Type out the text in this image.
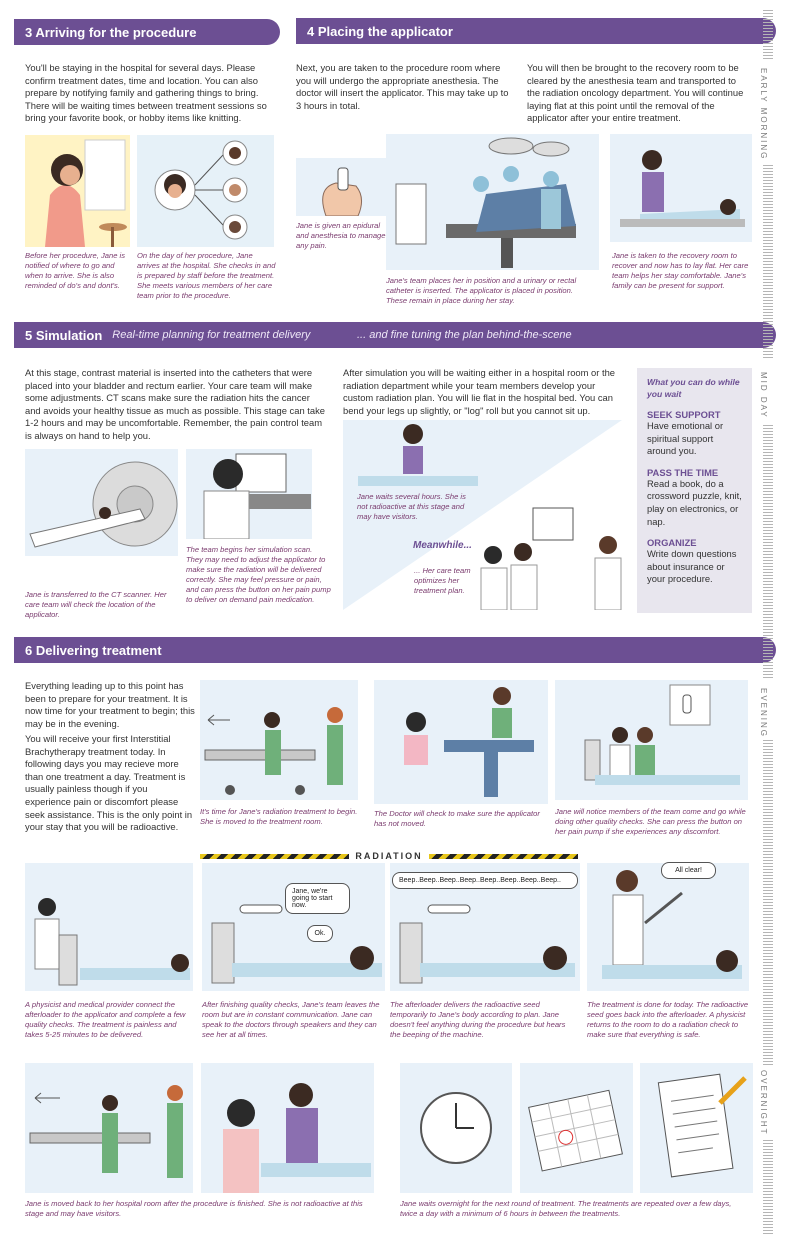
3 Arriving for the procedure	4 Placing the applicator
You'll be staying in the hospital for several days. Please confirm treatment dates, time and location. You can also prepare by notifying family and gathering things to bring. There will be waiting times between treatment sessions so bring your favorite book, or hobby items like knitting.
Next, you are taken to the procedure room where you will undergo the appropriate anesthesia. The doctor will insert the applicator. This may take up to 3 hours in total.
You will then be brought to the recovery room to be cleared by the anesthesia team and transported to the radiation oncology department. You will continue laying flat at this point until the removal of the applicator after your entire treatment.
Before her procedure, Jane is notified of where to go and when to arrive. She is also reminded of do's and dont's.
On the day of her procedure, Jane arrives at the hospital. She checks in and is prepared by staff before the treatment. She meets various members of her care team prior to the procedure.
Jane is given an epidural and anesthesia to manage any pain.
Jane's team places her in position and a urinary or rectal catheter is inserted. The applicator is placed in position. These remain in place during her stay.
Jane is taken to the recovery room to recover and now has to lay flat. Her care team helps her stay comfortable. Jane's family can be present for support.
5 Simulation Real-time planning for treatment delivery	... and fine tuning the plan behind-the-scene
At this stage, contrast material is inserted into the catheters that were placed into your bladder and rectum earlier. Your care team will make some adjustments. CT scans make sure the radiation hits the cancer and avoids your healthy tissue as much as possible. This stage can take 1-2 hours and may be uncomfortable. Remember, the pain control team is always on hand to help you.
After simulation you will be waiting either in a hospital room or the radiation department while your team members develop your custom radiation plan. You will lie flat in the hospital bed. You can bend your legs up slightly, or "log" roll but you cannot sit up.
Jane is transferred to the CT scanner. Her care team will check the location of the applicator.
The team begins her simulation scan. They may need to adjust the applicator to make sure the radiation will be delivered correctly. She may feel pressure or pain, and can press the button on her pain pump to deliver on demand pain medication.
Jane waits several hours. She is not radioactive at this stage and may have visitors.
Meanwhile...
... Her care team optimizes her treatment plan.
What you can do while you wait
SEEK SUPPORT
Have emotional or spiritual support around you.
PASS THE TIME
Read a book, do a crossword puzzle, knit, play on electronics, or nap.
ORGANIZE
Write down questions about insurance or your procedure.
6 Delivering treatment
Everything leading up to this point has been to prepare for your treatment. It is now time for your treatment to begin; this may be in the evening.
You will receive your first Interstitial Brachytherapy treatment today. In following days you may recieve more than one treatment a day. Treatment is usually painless though if you experience pain or discomfort please seek assistance. This is the only point in your stay that you will be radioactive.
It's time for Jane's radiation treatment to begin. She is moved to the treatment room.
The Doctor will check to make sure the applicator has not moved.
Jane will notice members of the team come and go while doing other quality checks. She can press the button on her pain pump if she experiences any discomfort.
RADIATION
A physicist and medical provider connect the afterloader to the applicator and complete a few quality checks. The treatment is painless and takes 5-25 minutes to be delivered.
Jane, we're going to start now.
Ok.
After finishing quality checks, Jane's team leaves the room but are in constant communication. Jane can speak to the doctors through speakers and they can see her at all times.
Beep..Beep..Beep..Beep..Beep..Beep..Beep..Beep..
The afterloader delivers the radioactive seed temporarily to Jane's body according to plan. Jane doesn't feel anything during the procedure but hears the beeping of the machine.
All clear!
The treatment is done for today. The radioactive seed goes back into the afterloader. A physicist returns to the room to do a radiation check to make sure that everything is safe.
Jane is moved back to her hospital room after the procedure is finished. She is not radioactive at this stage and may have visitors.
Jane waits overnight for the next round of treatment. The treatments are repeated over a few days, twice a day with a minimum of 6 hours in between the treatments.
EARLY MORNING
MID DAY
EVENING
OVERNIGHT
